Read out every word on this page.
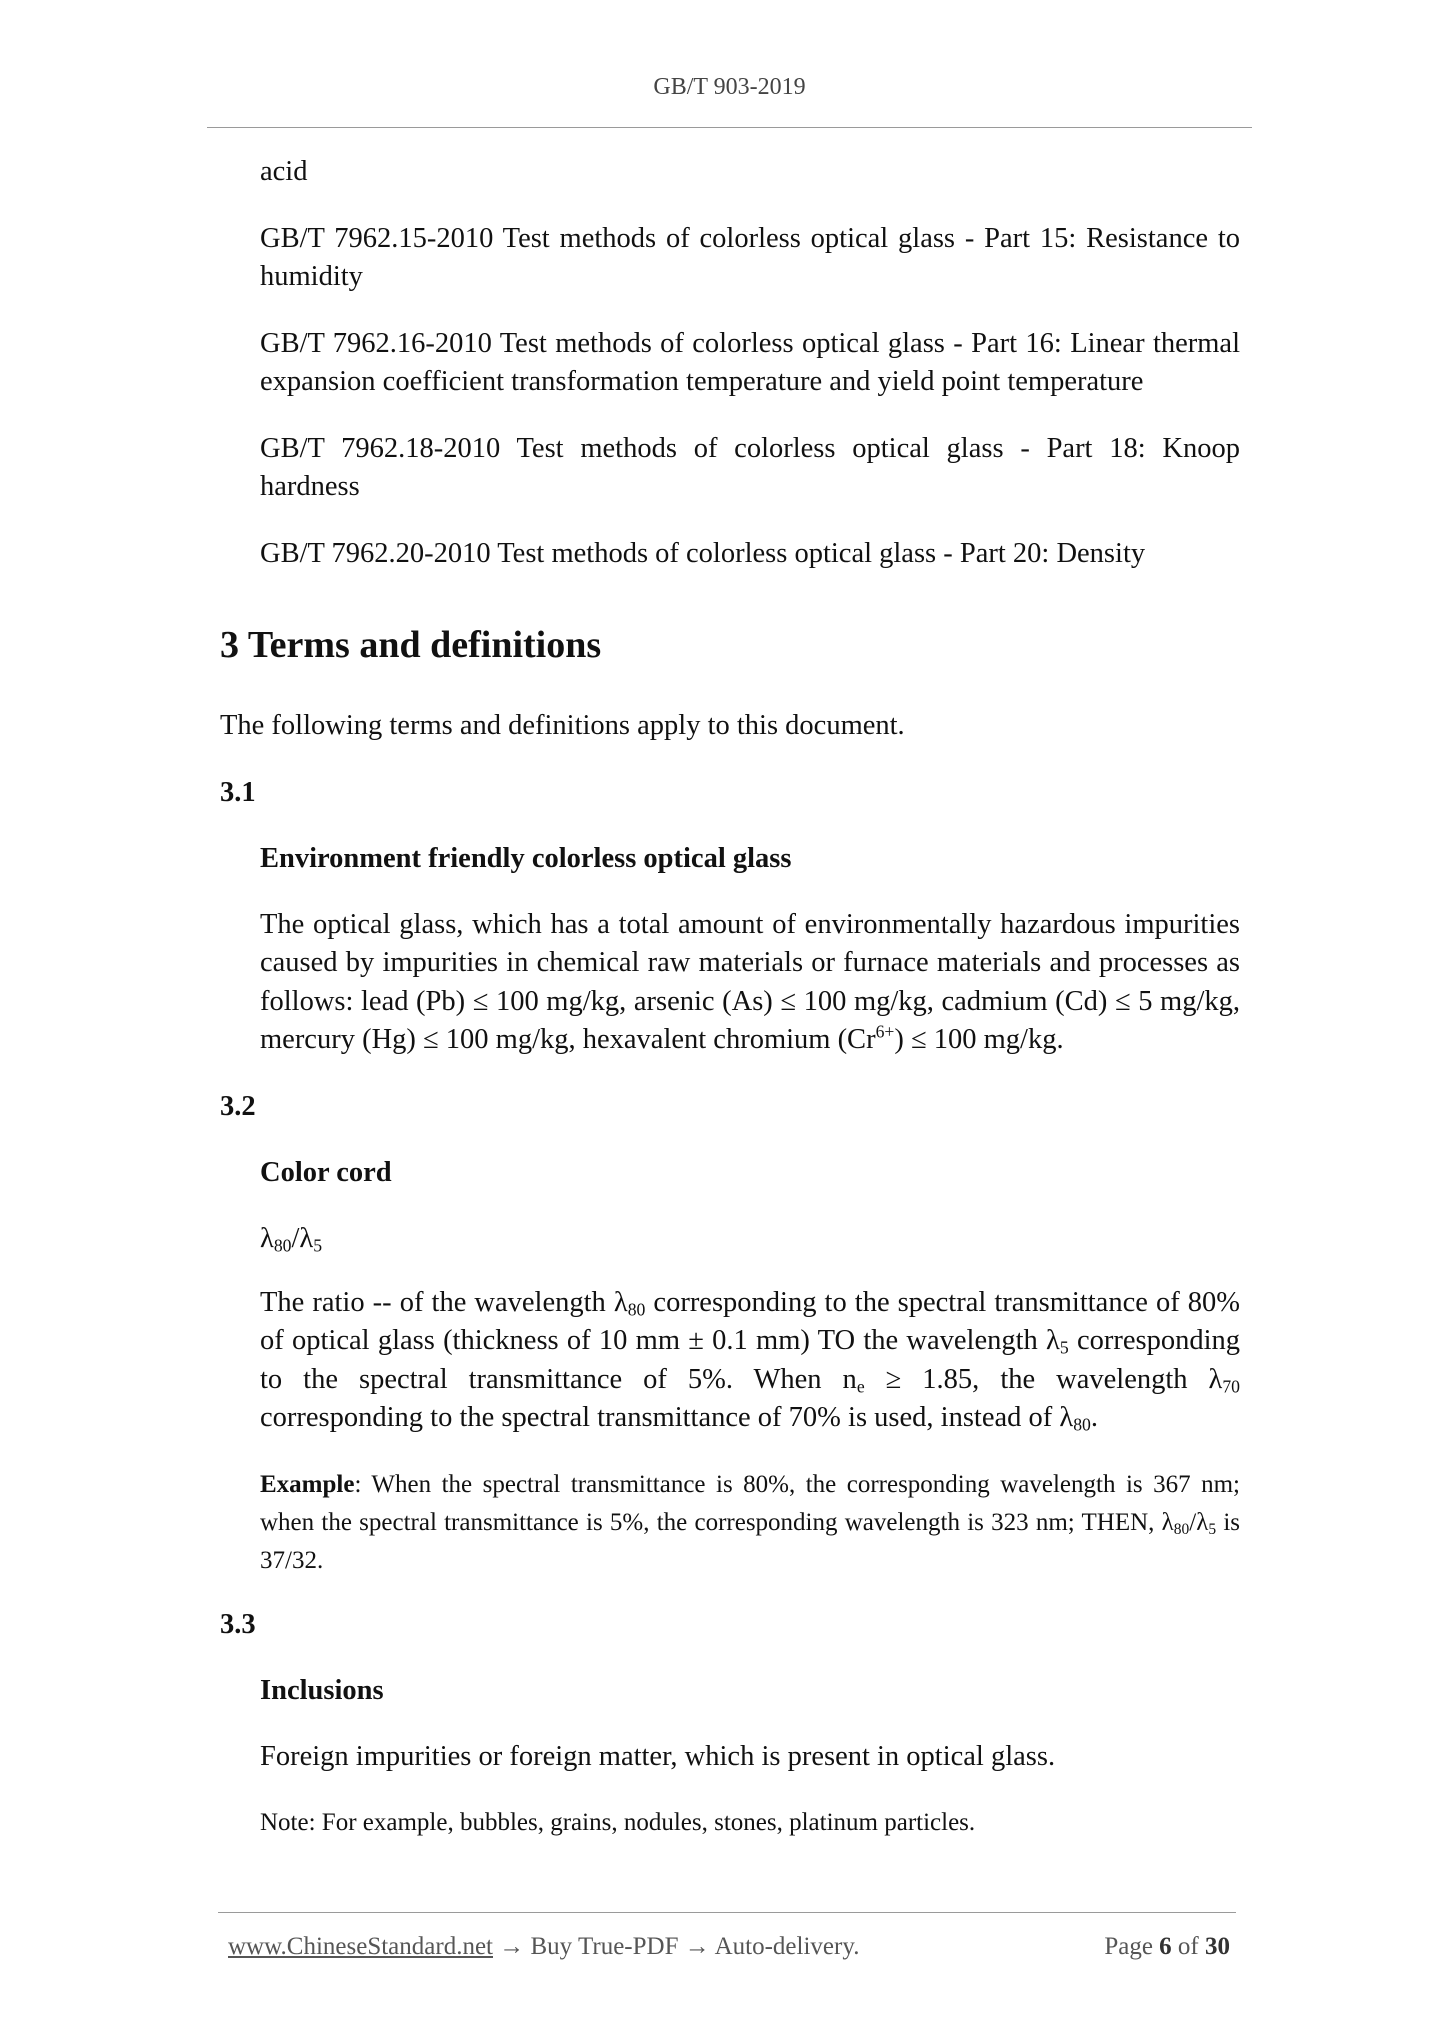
GB/T 903-2019

acid

GB/T 7962.15-2010 Test methods of colorless optical glass - Part 15: Resistance to humidity

GB/T 7962.16-2010 Test methods of colorless optical glass - Part 16: Linear thermal expansion coefficient transformation temperature and yield point temperature

GB/T 7962.18-2010 Test methods of colorless optical glass - Part 18: Knoop hardness

GB/T 7962.20-2010 Test methods of colorless optical glass - Part 20: Density

3 Terms and definitions

The following terms and definitions apply to this document.

3.1
Environment friendly colorless optical glass

The optical glass, which has a total amount of environmentally hazardous impurities caused by impurities in chemical raw materials or furnace materials and processes as follows: lead (Pb) ≤ 100 mg/kg, arsenic (As) ≤ 100 mg/kg, cadmium (Cd) ≤ 5 mg/kg, mercury (Hg) ≤ 100 mg/kg, hexavalent chromium $(Cr^{6+}) \le 100$ mg/kg.

3.2
Color cord
$\lambda_{80}/\lambda_5$

The ratio -- of the wavelength $\lambda_{80}$ corresponding to the spectral transmittance of 80% of optical glass (thickness of 10 mm ± 0.1 mm) TO the wavelength $\lambda_5$ corresponding to the spectral transmittance of 5%. When $n_e \ge 1.85$, the wavelength $\lambda_{70}$ corresponding to the spectral transmittance of 70% is used, instead of $\lambda_{80}$.

Example: When the spectral transmittance is 80%, the corresponding wavelength is 367 nm; when the spectral transmittance is 5%, the corresponding wavelength is 323 nm; THEN, $\lambda_{80}/\lambda_5$ is 37/32.

3.3
Inclusions

Foreign impurities or foreign matter, which is present in optical glass.

Note: For example, bubbles, grains, nodules, stones, platinum particles.

www.ChineseStandard.net → Buy True-PDF → Auto-delivery.	Page 6 of 30
